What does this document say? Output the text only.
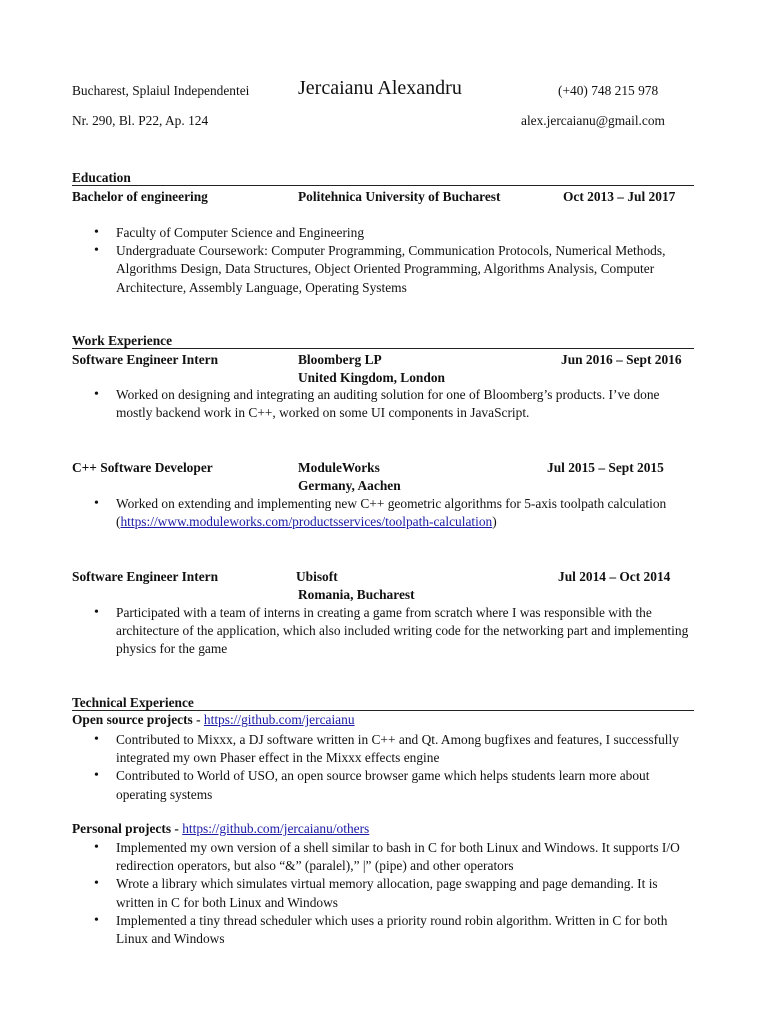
Bucharest, Splaiul Independentei Jercaianu Alexandru	(+40) 748 215 978
Nr. 290, Bl. P22, Ap. 124	alex.jercaianu@gmail.com
Education
Bachelor of engineering	Politehnica University of Bucharest	Oct 2013 – Jul 2017
• Faculty of Computer Science and Engineering
• Undergraduate Coursework: Computer Programming, Communication Protocols, Numerical Methods, Algorithms Design, Data Structures, Object Oriented Programming, Algorithms Analysis, Computer Architecture, Assembly Language, Operating Systems
Work Experience
Software Engineer Intern	Bloomberg LP	Jun 2016 – Sept 2016
United Kingdom, London
• Worked on designing and integrating an auditing solution for one of Bloomberg’s products. I’ve done mostly backend work in C++, worked on some UI components in JavaScript.
C++ Software Developer	ModuleWorks	Jul 2015 – Sept 2015
Germany, Aachen
• Worked on extending and implementing new C++ geometric algorithms for 5-axis toolpath calculation (https://www.moduleworks.com/productsservices/toolpath-calculation)
Software Engineer Intern	Ubisoft	Jul 2014 – Oct 2014
Romania, Bucharest
• Participated with a team of interns in creating a game from scratch where I was responsible with the architecture of the application, which also included writing code for the networking part and implementing physics for the game
Technical Experience
Open source projects - https://github.com/jercaianu
• Contributed to Mixxx, a DJ software written in C++ and Qt. Among bugfixes and features, I successfully integrated my own Phaser effect in the Mixxx effects engine
• Contributed to World of USO, an open source browser game which helps students learn more about operating systems
Personal projects - https://github.com/jercaianu/others
• Implemented my own version of a shell similar to bash in C for both Linux and Windows. It supports I/O redirection operators, but also “&” (paralel),” |” (pipe) and other operators
• Wrote a library which simulates virtual memory allocation, page swapping and page demanding. It is written in C for both Linux and Windows
• Implemented a tiny thread scheduler which uses a priority round robin algorithm. Written in C for both Linux and Windows
